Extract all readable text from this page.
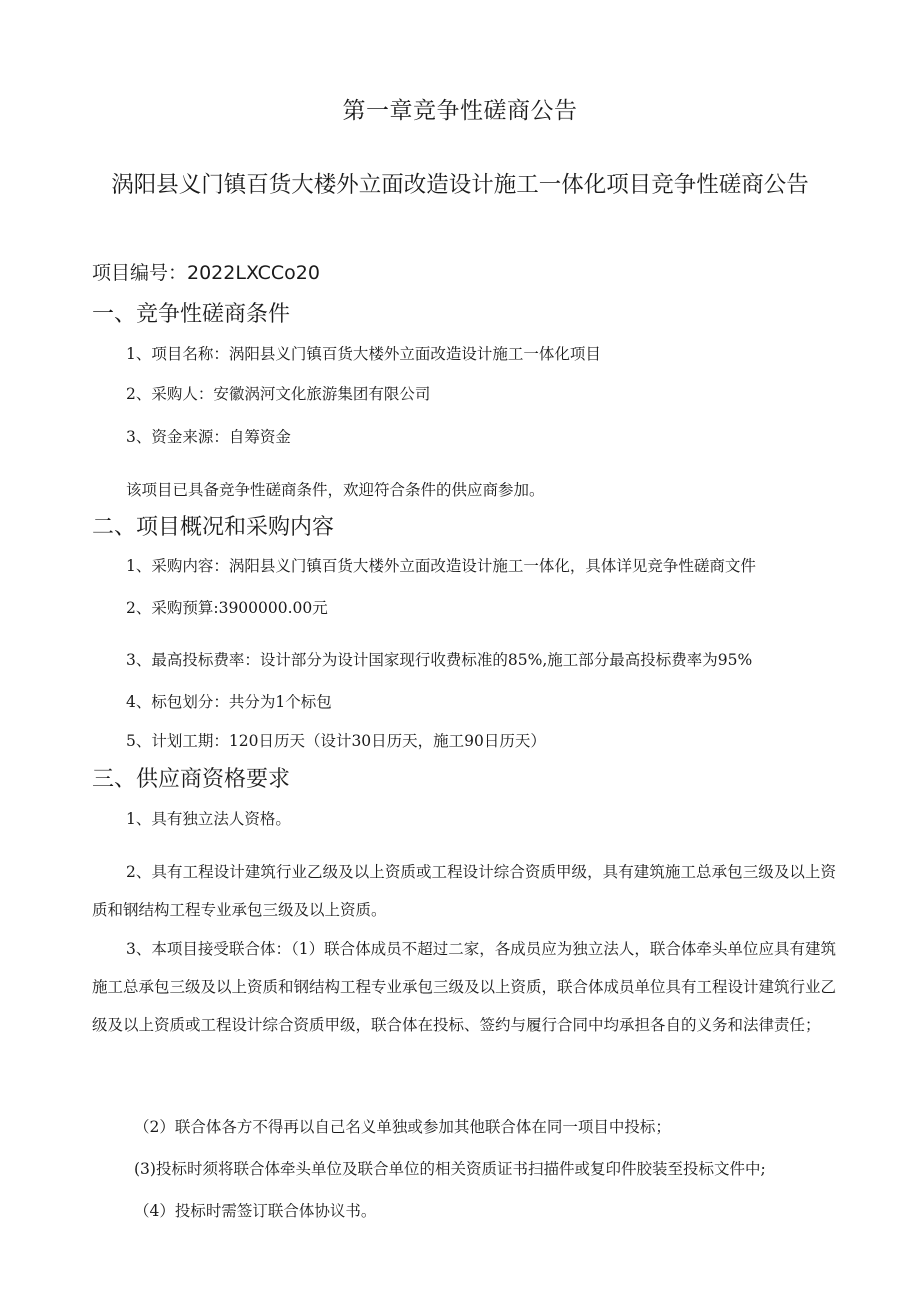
第一章竞争性磋商公告
涡阳县义门镇百货大楼外立面改造设计施工一体化项目竞争性磋商公告
项目编号：2022LXCCo20
一、竞争性磋商条件
1、项目名称：涡阳县义门镇百货大楼外立面改造设计施工一体化项目
2、采购人：安徽涡河文化旅游集团有限公司
3、资金来源：自筹资金
该项目已具备竞争性磋商条件，欢迎符合条件的供应商参加。
二、项目概况和采购内容
1、采购内容：涡阳县义门镇百货大楼外立面改造设计施工一体化，具体详见竞争性磋商文件
2、采购预算:3900000.00元
3、最高投标费率：设计部分为设计国家现行收费标准的85%,施工部分最高投标费率为95%
4、标包划分：共分为1个标包
5、计划工期：120日历天（设计30日历天，施工90日历天）
三、供应商资格要求
1、具有独立法人资格。

2、具有工程设计建筑行业乙级及以上资质或工程设计综合资质甲级，具有建筑施工总承包三级及以上资质和钢结构工程专业承包三级及以上资质。

3、本项目接受联合体：（1）联合体成员不超过二家，各成员应为独立法人，联合体牵头单位应具有建筑施工总承包三级及以上资质和钢结构工程专业承包三级及以上资质，联合体成员单位具有工程设计建筑行业乙级及以上资质或工程设计综合资质甲级，联合体在投标、签约与履行合同中均承担各自的义务和法律责任；

（2）联合体各方不得再以自己名义单独或参加其他联合体在同一项目中投标；
(3)投标时须将联合体牵头单位及联合单位的相关资质证书扫描件或复印件胶装至投标文件中;
（4）投标时需签订联合体协议书。
